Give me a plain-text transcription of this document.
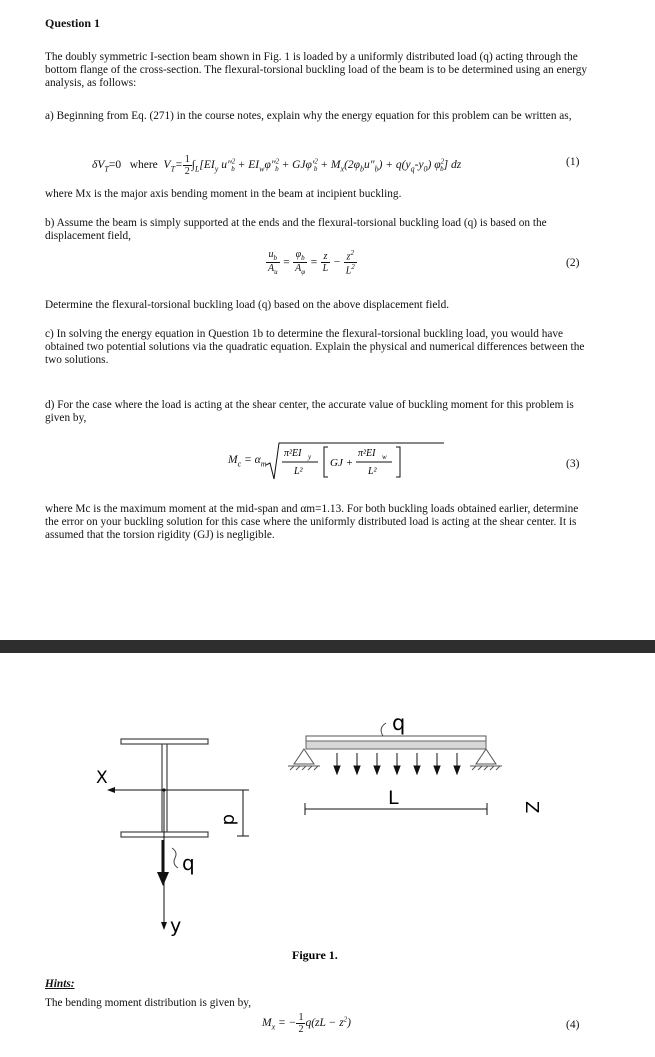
Question 1
The doubly symmetric I-section beam shown in Fig. 1 is loaded by a uniformly distributed load (q) acting through the bottom flange of the cross-section. The flexural-torsional buckling load of the beam is to be determined using an energy analysis, as follows:
a) Beginning from Eq. (271) in the course notes, explain why the energy equation for this problem can be written as,
$\delta V_T=0$   where  $V_T= \frac{1}{2} \int_L[EI_y$ $u''^2_b + EI_w\varphi''^2_b + GJ\varphi'^2_b + M_x(2\varphi_bu''_b) + q(y_q-y_0)$ $\varphi^2_b$] dz	(1)
where Mx is the major axis bending moment in the beam at incipient buckling.
b) Assume the beam is simply supported at the ends and the flexural-torsional buckling load (q) is based on the displacement field,
$\frac{u_b}{A_u} = \frac{\varphi_b}{A_\varphi} = \frac{z}{L} - \frac{z^2}{L^2}$	(2)
Determine the flexural-torsional buckling load (q) based on the above displacement field.
c) In solving the energy equation in Question 1b to determine the flexural-torsional buckling load, you would have obtained two potential solutions via the quadratic equation. Explain the physical and numerical differences between the two solutions.
d) For the case where the load is acting at the shear center, the accurate value of buckling moment for this problem is given by,
$M_c = \alpha_m$
π²EI y
L²
GJ +
π²EI w
L²
(3)
where Mc is the maximum moment at the mid-span and αm=1.13. For both buckling loads obtained earlier, determine the error on your buckling solution for this case where the uniformly distributed load is acting at the shear center. It is assumed that the torsion rigidity (GJ) is negligible.
X
y
q
d
q
L	Z
Figure 1.
Hints:
The bending moment distribution is given by,
$M_x$ = − $\frac{1}{2} q(zL - z^2)$	(4)
